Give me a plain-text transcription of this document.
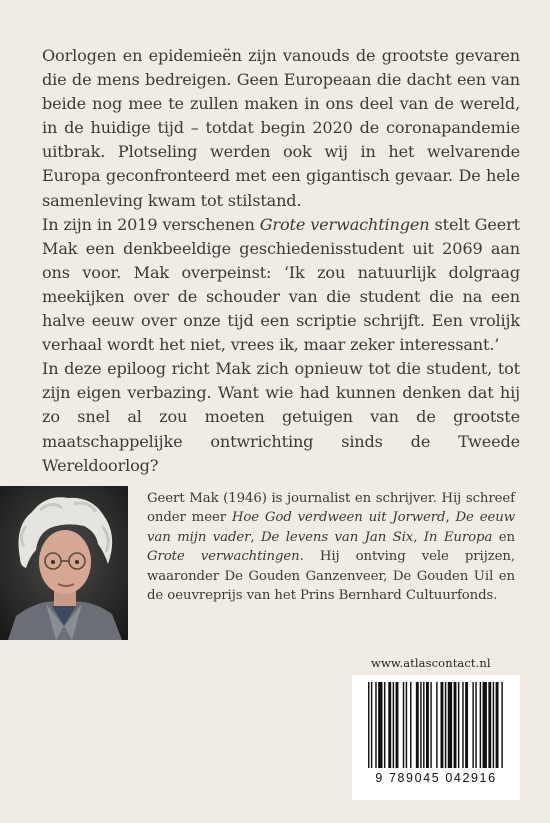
Oorlogen en epidemieën zijn vanouds de grootste gevaren die de mens bedreigen. Geen Europeaan die dacht een van beide nog mee te zullen maken in ons deel van de wereld, in de huidige tijd – totdat begin 2020 de coronapandemie uitbrak. Plotseling werden ook wij in het welvarende Europa geconfronteerd met een gigantisch gevaar. De hele samenleving kwam tot stilstand.

In zijn in 2019 verschenen Grote verwachtingen stelt Geert Mak een denkbeeldige geschiedenisstudent uit 2069 aan ons voor. Mak overpeinst: ‘Ik zou natuurlijk dolgraag meekijken over de schouder van die student die na een halve eeuw over onze tijd een scriptie schrijft. Een vrolijk verhaal wordt het niet, vrees ik, maar zeker interessant.’

In deze epiloog richt Mak zich opnieuw tot die student, tot zijn eigen verbazing. Want wie had kunnen denken dat hij zo snel al zou moeten getuigen van de grootste maatschappelijke ontwrichting sinds de Tweede Wereldoorlog?

Geert Mak (1946) is journalist en schrijver. Hij schreef onder meer Hoe God verdween uit Jorwerd, De eeuw van mijn vader, De levens van Jan Six, In Europa en Grote verwachtingen. Hij ontving vele prijzen, waaronder De Gouden Ganzenveer, De Gouden Uil en de oeuvreprijs van het Prins Bernhard Cultuurfonds.
www.atlascontact.nl
9 789045 042916
